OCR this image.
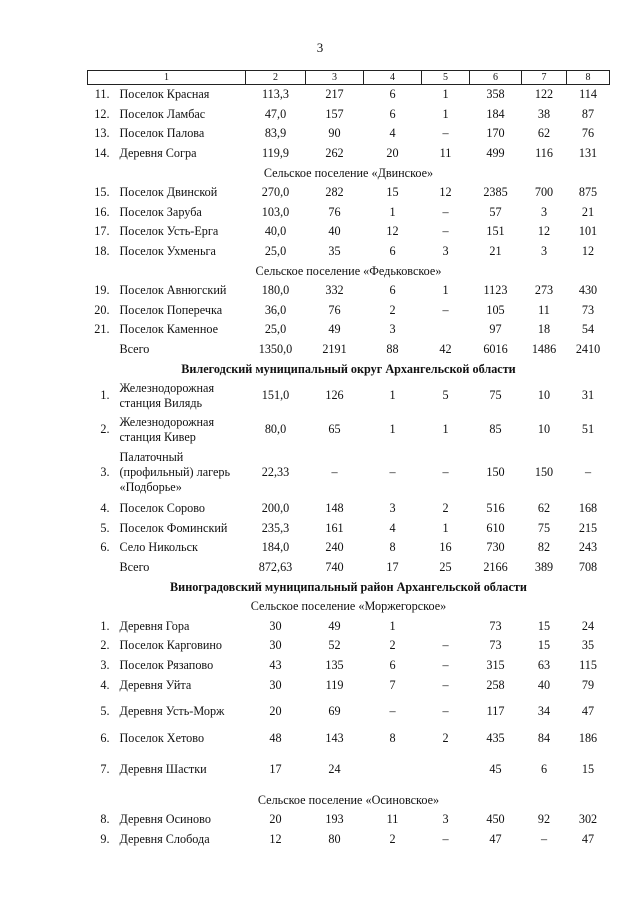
3
1		2	3	4	5	6	7	8
11.	Поселок Красная	113,3	217	6	1	358	122	114
12.	Поселок Ламбас	47,0	157	6	1	184	38	87
13.	Поселок Палова	83,9	90	4	–	170	62	76
14.	Деревня Согра	119,9	262	20	11	499	116	131
Сельское поселение «Двинское»								
15.	Поселок Двинской	270,0	282	15	12	2385	700	875
16.	Поселок Заруба	103,0	76	1	–	57	3	21
17.	Поселок Усть-Ерга	40,0	40	12	–	151	12	101
18.	Поселок Ухменьга	25,0	35	6	3	21	3	12
Сельское поселение «Федьковское»								
19.	Поселок Авнюгский	180,0	332	6	1	1123	273	430
20.	Поселок Поперечка	36,0	76	2	–	105	11	73
21.	Поселок Каменное	25,0	49	3		97	18	54
	Всего	1350,0	2191	88	42	6016	1486	2410
Вилегодский муниципальный округ Архангельской области								
1.	Железнодорожная станция Вилядь	151,0	126	1	5	75	10	31
2.	Железнодорожная станция Кивер	80,0	65	1	1	85	10	51
3.	Палаточный (профильный) лагерь «Подборье»	22,33	–	–	–	150	150	–
4.	Поселок Сорово	200,0	148	3	2	516	62	168
5.	Поселок Фоминский	235,3	161	4	1	610	75	215
6.	Село Никольск	184,0	240	8	16	730	82	243
	Всего	872,63	740	17	25	2166	389	708
Виноградовский муниципальный район Архангельской области								
Сельское поселение «Моржегорское»								
1.	Деревня Гора	30	49	1		73	15	24
2.	Поселок Карговино	30	52	2	–	73	15	35
3.	Поселок Рязапово	43	135	6	–	315	63	115
4.	Деревня Уйта	30	119	7	–	258	40	79
5.	Деревня Усть-Морж	20	69	–	–	117	34	47
6.	Поселок Хетово	48	143	8	2	435	84	186
7.	Деревня Шастки	17	24			45	6	15
Сельское поселение «Осиновское»								
8.	Деревня Осиново	20	193	11	3	450	92	302
9.	Деревня Слобода	12	80	2	–	47	–	47
